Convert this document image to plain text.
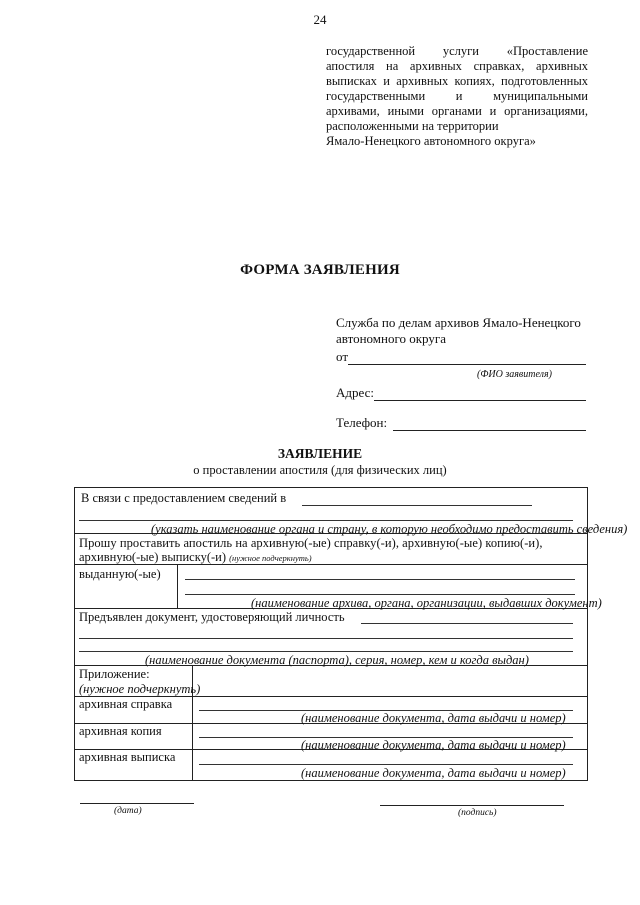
24
государственной услуги «Проставление
апостиля на архивных справках, архивных
выписках и архивных копиях, подготовленных
государственными и муниципальными
архивами, иными органами и организациями,
расположенными на территории
Ямало-Ненецкого автономного округа»
ФОРМА ЗАЯВЛЕНИЯ
Служба по делам архивов Ямало-Ненецкого
автономного округа
от
(ФИО заявителя)
Адрес:
Телефон:
ЗАЯВЛЕНИЕ
о проставлении апостиля (для физических лиц)
В связи с предоставлением сведений в
(указать наименование органа и страну, в которую необходимо предоставить сведения)
Прошу проставить апостиль на архивную(-ые) справку(-и), архивную(-ые) копию(-и),
архивную(-ые) выписку(-и) (нужное подчеркнуть)
выданную(-ые)
(наименование архива, органа, организации, выдавших документ)
Предъявлен документ, удостоверяющий личность
(наименование документа (паспорта), серия, номер, кем и когда выдан)
Приложение:
(нужное подчеркнуть)
архивная справка
(наименование документа, дата выдачи и номер)
архивная копия
(наименование документа, дата выдачи и номер)
архивная выписка
(наименование документа, дата выдачи и номер)
(дата)	(подпись)
